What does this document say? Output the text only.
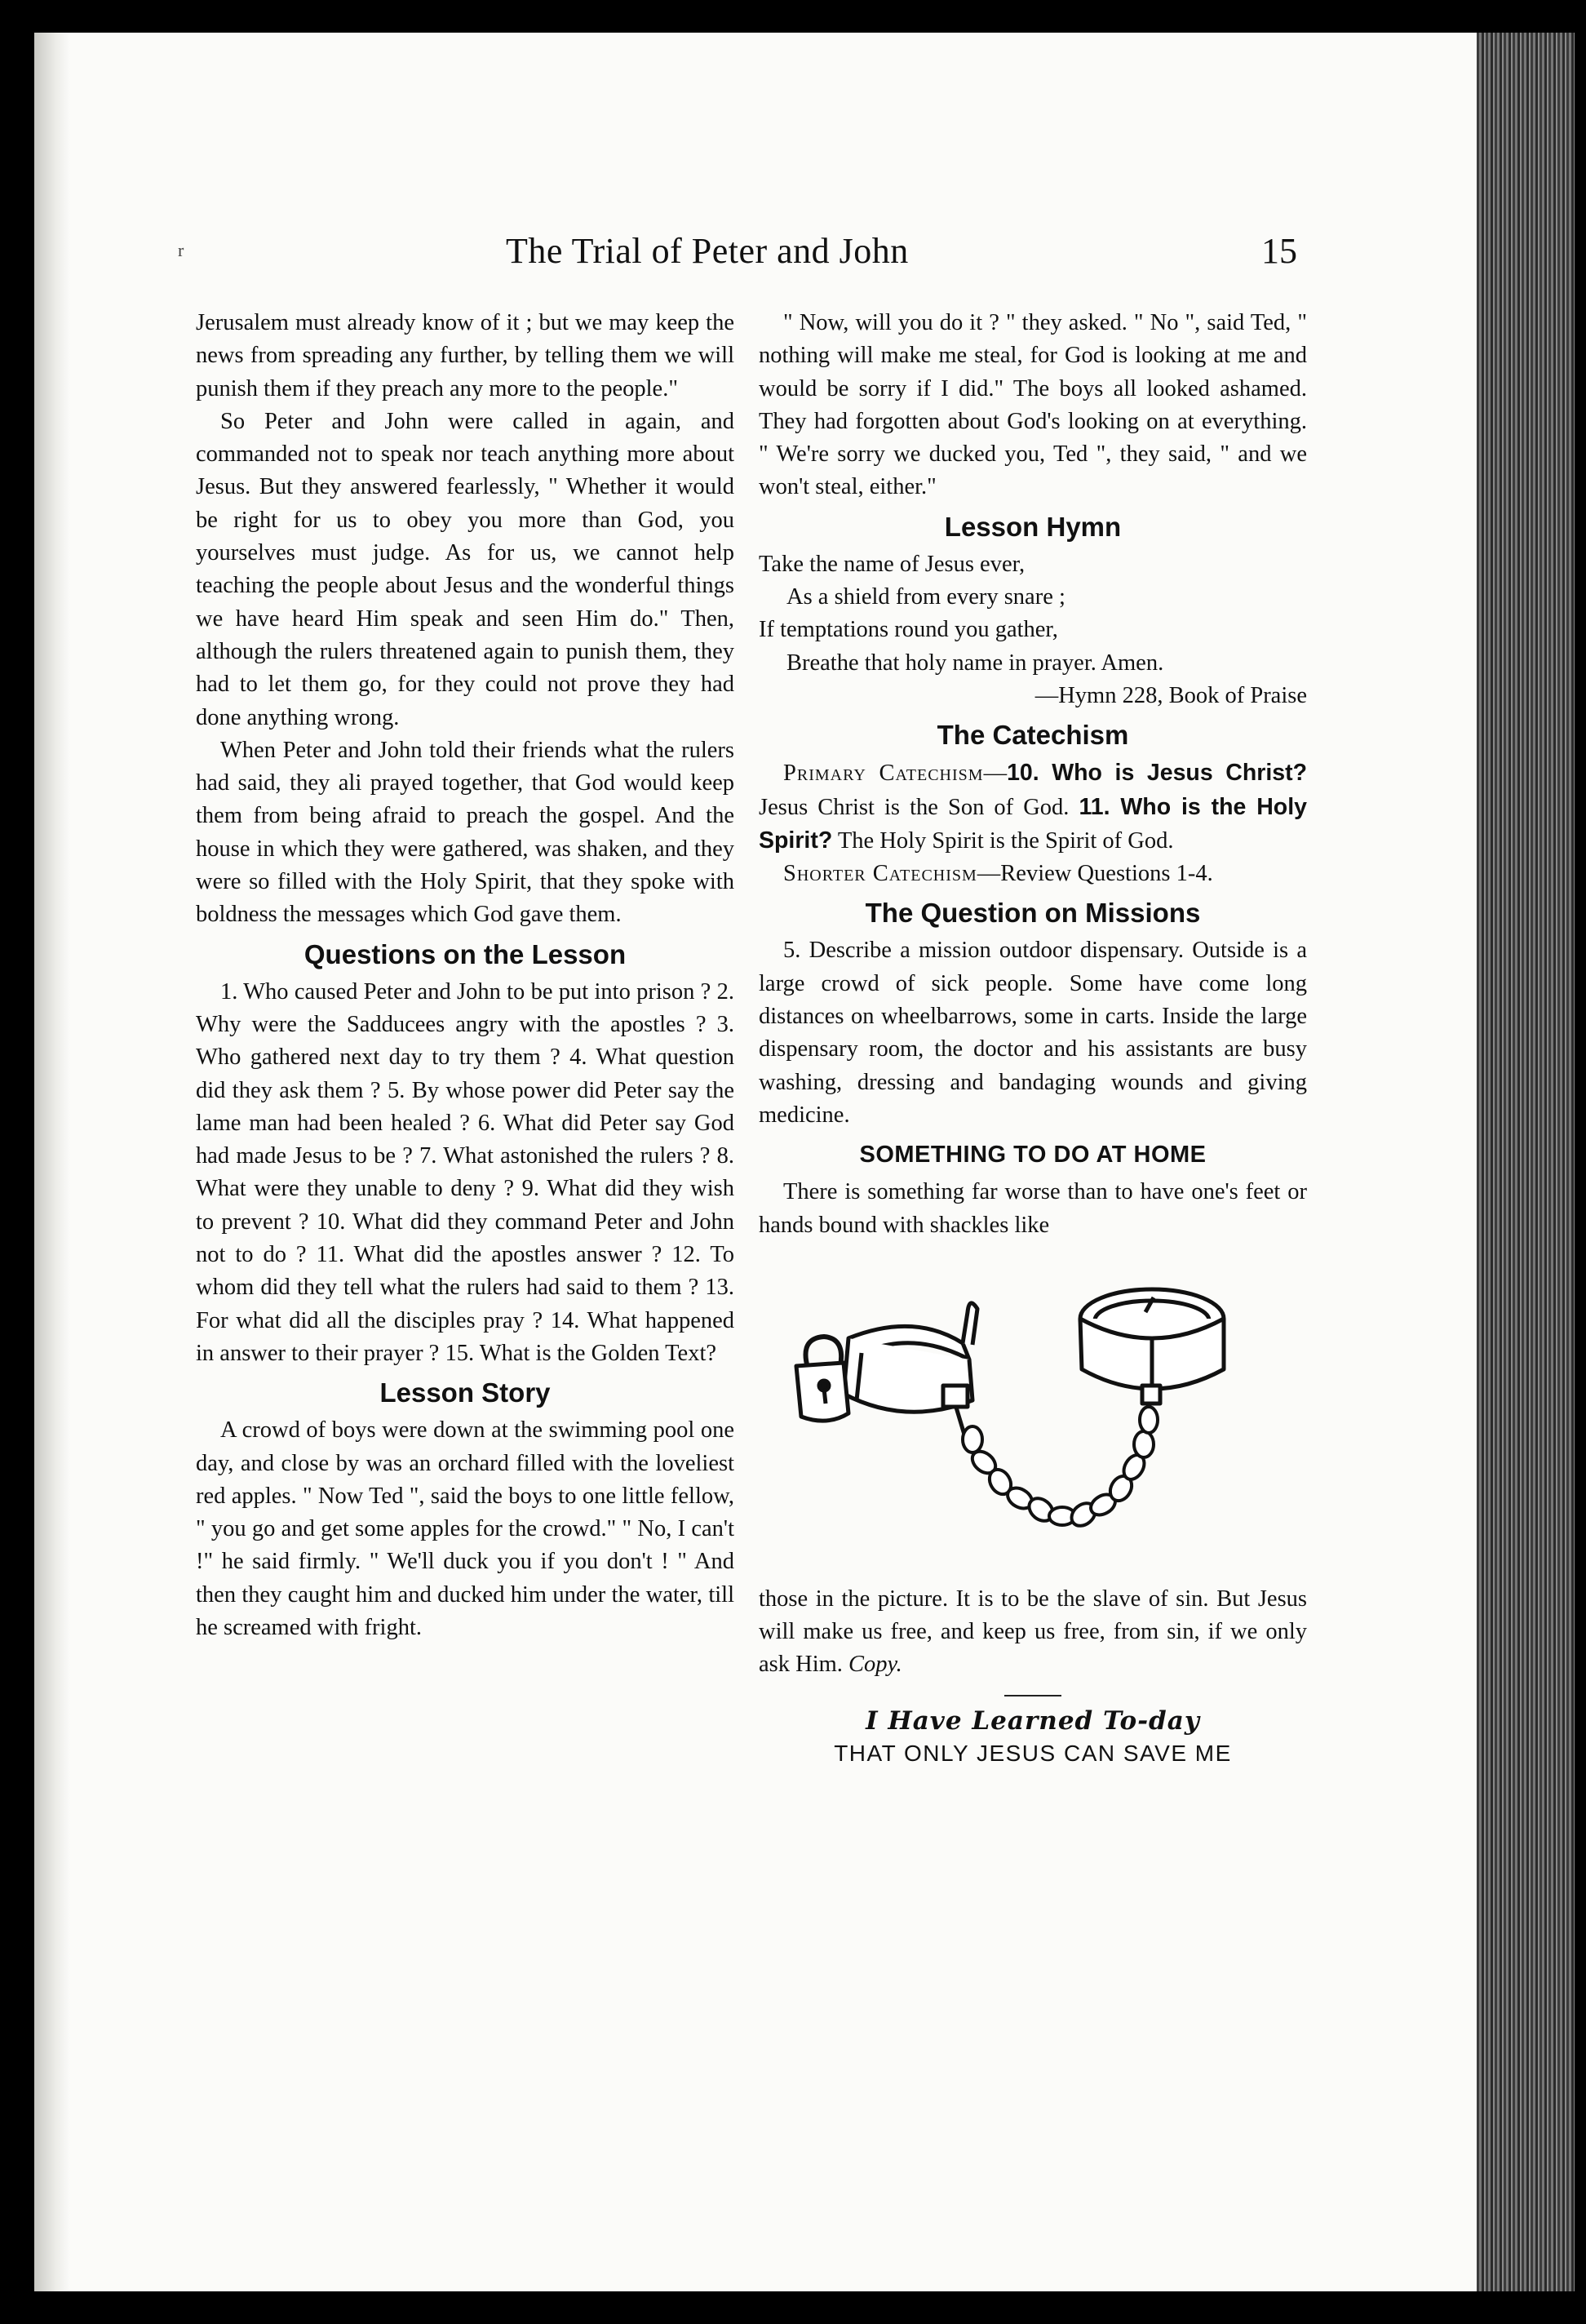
r	The Trial of Peter and John	15

Jerusalem must already know of it ; but we may keep the news from spreading any further, by telling them we will punish them if they preach any more to the people."

So Peter and John were called in again, and commanded not to speak nor teach anything more about Jesus. But they answered fearlessly, " Whether it would be right for us to obey you more than God, you yourselves must judge. As for us, we cannot help teaching the people about Jesus and the wonderful things we have heard Him speak and seen Him do." Then, although the rulers threatened again to punish them, they had to let them go, for they could not prove they had done anything wrong.

When Peter and John told their friends what the rulers had said, they ali prayed together, that God would keep them from being afraid to preach the gospel. And the house in which they were gathered, was shaken, and they were so filled with the Holy Spirit, that they spoke with boldness the messages which God gave them.

Questions on the Lesson

1. Who caused Peter and John to be put into prison ? 2. Why were the Sadducees angry with the apostles ? 3. Who gathered next day to try them ? 4. What question did they ask them ? 5. By whose power did Peter say the lame man had been healed ? 6. What did Peter say God had made Jesus to be ? 7. What astonished the rulers ? 8. What were they unable to deny ? 9. What did they wish to prevent ? 10. What did they command Peter and John not to do ? 11. What did the apostles answer ? 12. To whom did they tell what the rulers had said to them ? 13. For what did all the disciples pray ? 14. What happened in answer to their prayer ? 15. What is the Golden Text?

Lesson Story

A crowd of boys were down at the swimming pool one day, and close by was an orchard filled with the loveliest red apples. " Now Ted ", said the boys to one little fellow, " you go and get some apples for the crowd." " No, I can't !" he said firmly. " We'll duck you if you don't ! " And then they caught him and ducked him under the water, till he screamed with fright.

" Now, will you do it ? " they asked. " No ", said Ted, " nothing will make me steal, for God is looking at me and would be sorry if I did." The boys all looked ashamed. They had forgotten about God's looking on at everything. " We're sorry we ducked you, Ted ", they said, " and we won't steal, either."

Lesson Hymn

Take the name of Jesus ever,

As a shield from every snare ;

If temptations round you gather,

Breathe that holy name in prayer. Amen.

—Hymn 228, Book of Praise

The Catechism

Primary Catechism—10. Who is Jesus Christ? Jesus Christ is the Son of God. 11. Who is the Holy Spirit? The Holy Spirit is the Spirit of God.

Shorter Catechism—Review Questions 1-4.

The Question on Missions

5. Describe a mission outdoor dispensary. Outside is a large crowd of sick people. Some have come long distances on wheelbarrows, some in carts. Inside the large dispensary room, the doctor and his assistants are busy washing, dressing and bandaging wounds and giving medicine.

SOMETHING TO DO AT HOME

There is something far worse than to have one's feet or hands bound with shackles like

those in the picture. It is to be the slave of sin. But Jesus will make us free, and keep us free, from sin, if we only ask Him. Copy.

I Have Learned To-day

THAT ONLY JESUS CAN SAVE ME
